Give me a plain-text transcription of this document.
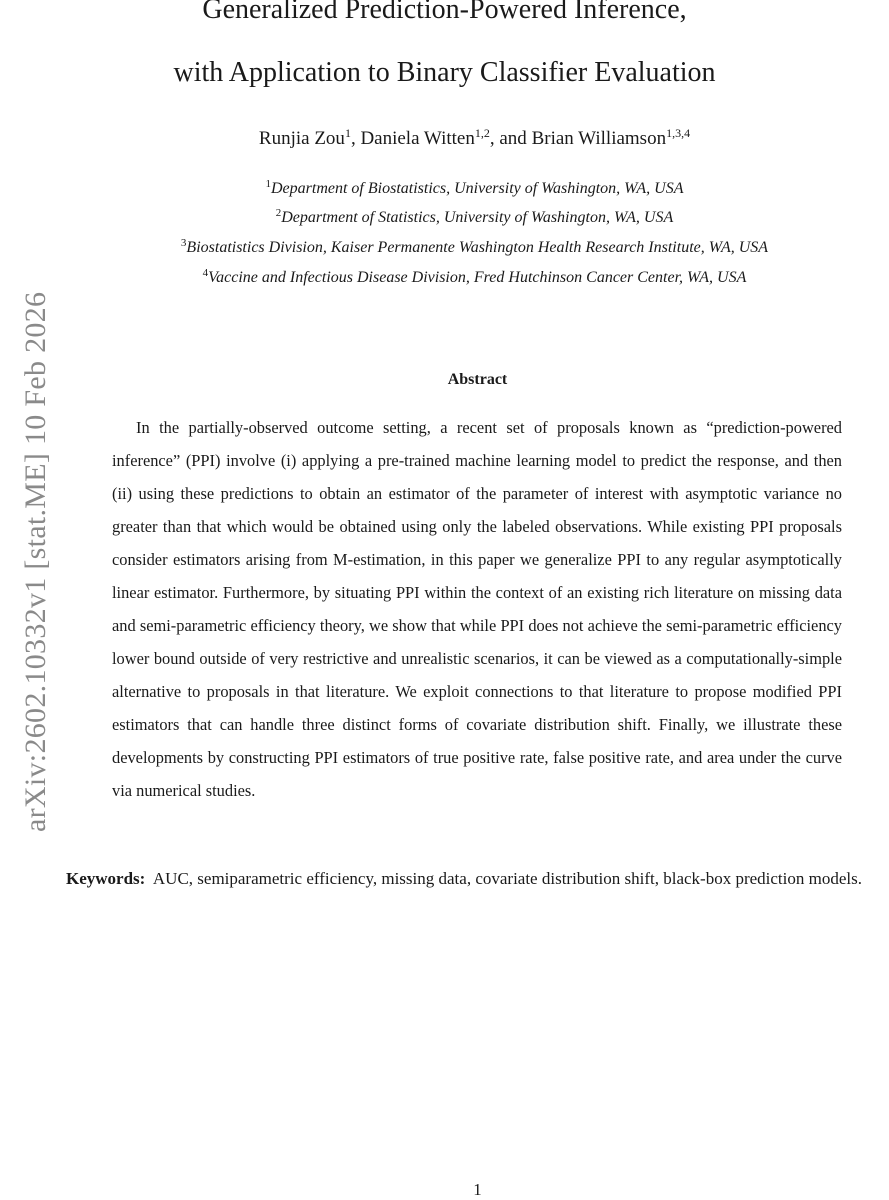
arXiv:2602.10332v1 [stat.ME] 10 Feb 2026
Generalized Prediction-Powered Inference,
with Application to Binary Classifier Evaluation
Runjia Zou$^1$, Daniela Witten$^{1,2}$, and Brian Williamson$^{1,3,4}$
$^1$Department of Biostatistics, University of Washington, WA, USA
$^2$Department of Statistics, University of Washington, WA, USA
$^3$Biostatistics Division, Kaiser Permanente Washington Health Research Institute, WA, USA
$^4$Vaccine and Infectious Disease Division, Fred Hutchinson Cancer Center, WA, USA
Abstract
In the partially-observed outcome setting, a recent set of proposals known as “prediction-powered inference” (PPI) involve (i) applying a pre-trained machine learning model to predict the response, and then (ii) using these predictions to obtain an estimator of the parameter of interest with asymptotic variance no greater than that which would be obtained using only the labeled observations. While existing PPI proposals consider estimators arising from M-estimation, in this paper we generalize PPI to any regular asymptotically linear estimator. Furthermore, by situating PPI within the context of an existing rich literature on missing data and semi-parametric efficiency theory, we show that while PPI does not achieve the semi-parametric efficiency lower bound outside of very restrictive and unrealistic scenarios, it can be viewed as a computationally-simple alternative to proposals in that literature. We exploit connections to that literature to propose modified PPI estimators that can handle three distinct forms of covariate distribution shift. Finally, we illustrate these developments by constructing PPI estimators of true positive rate, false positive rate, and area under the curve via numerical studies.
Keywords: AUC, semiparametric efficiency, missing data, covariate distribution shift, black-box prediction models.
1
